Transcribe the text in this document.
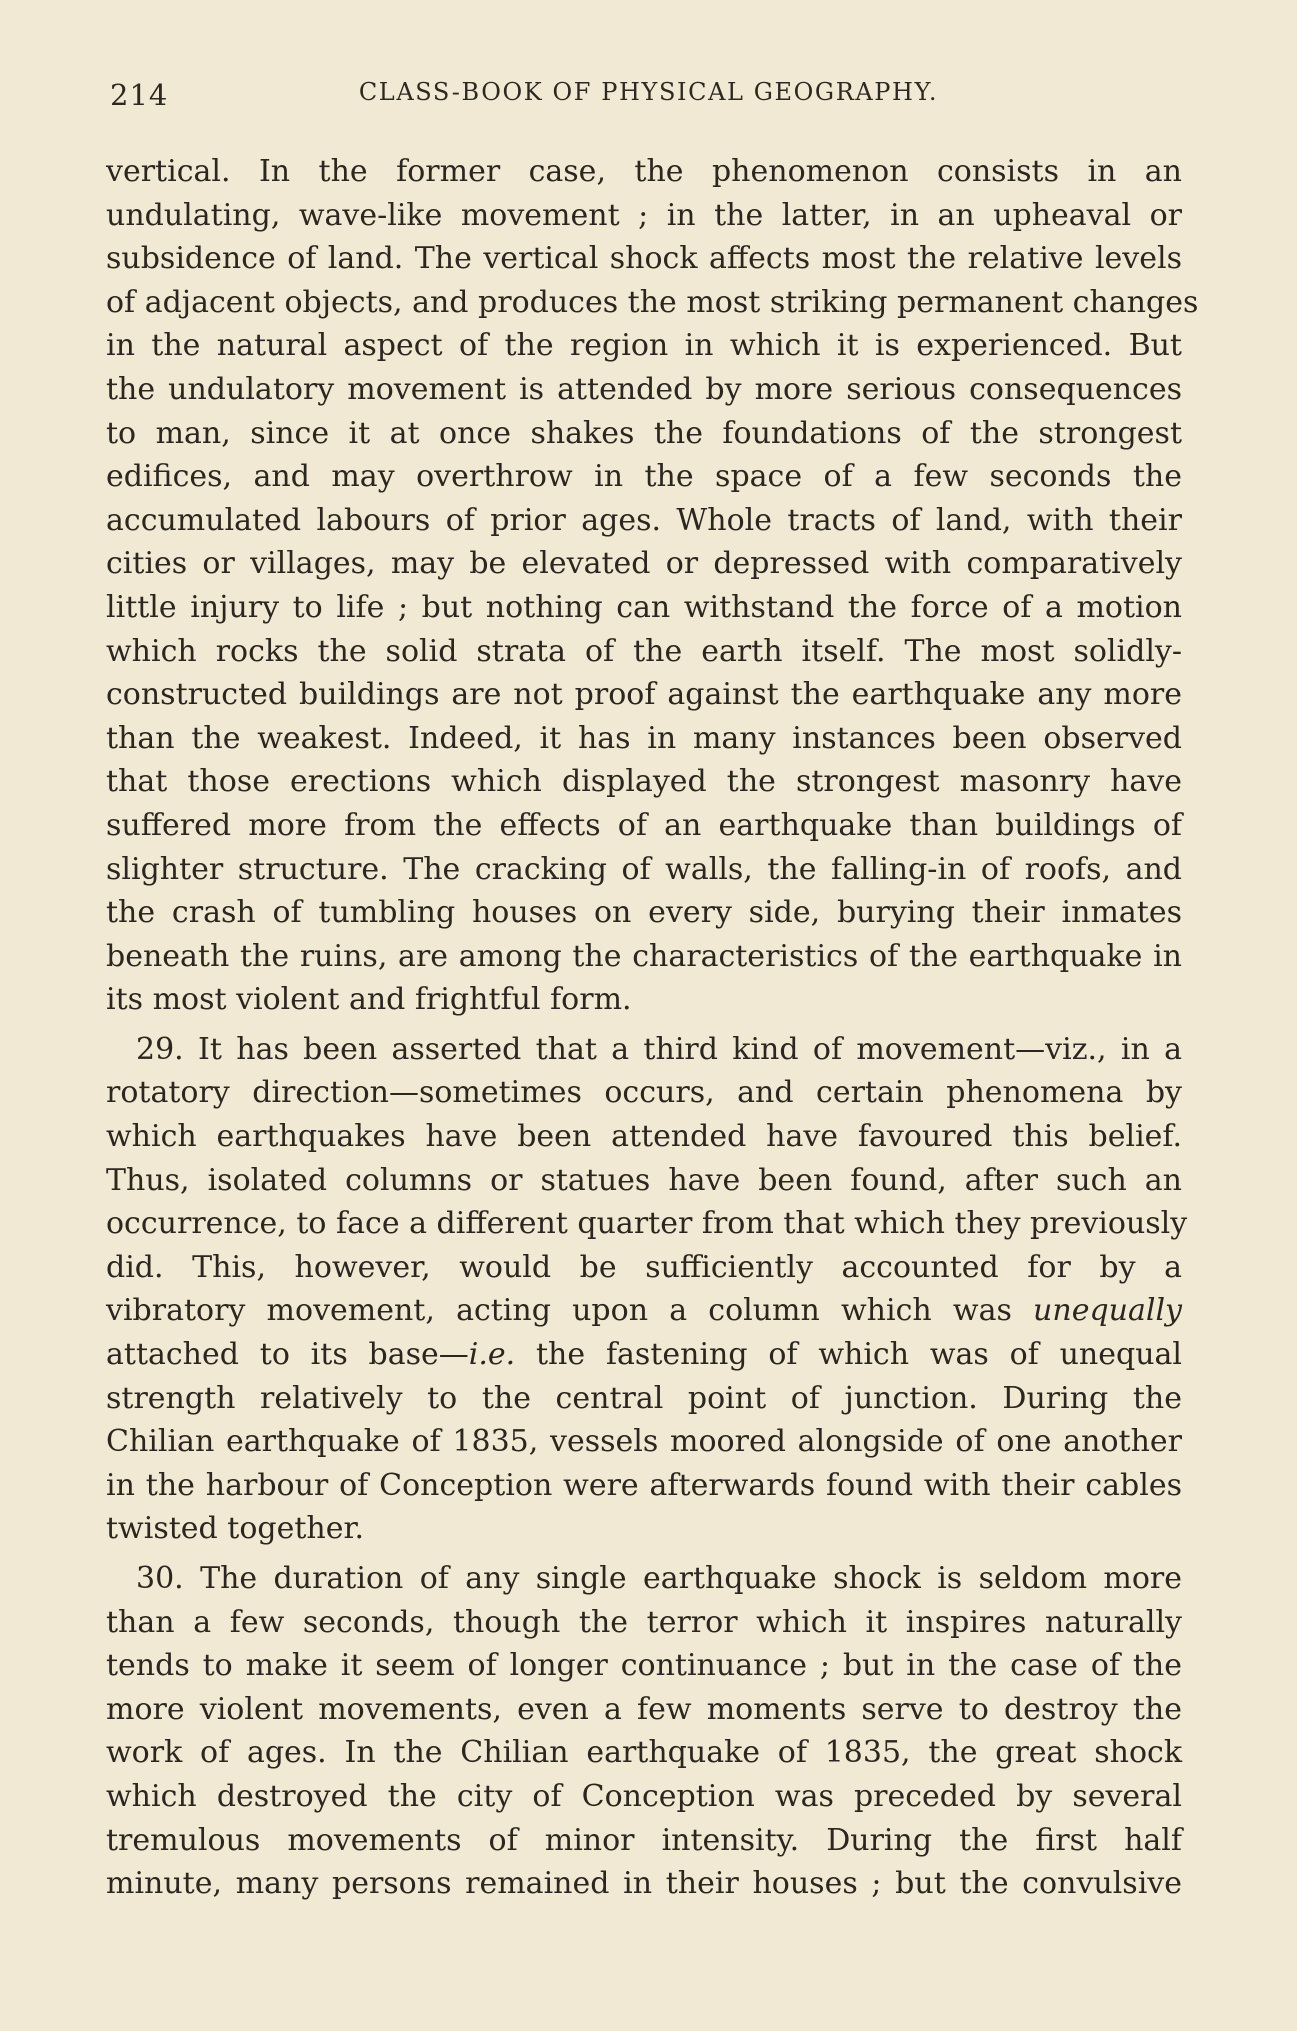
214	CLASS-BOOK OF PHYSICAL GEOGRAPHY.
vertical. In the former case, the phenomenon consists in an
undulating, wave-like movement ; in the latter, in an upheaval or
subsidence of land. The vertical shock affects most the relative levels
of adjacent objects, and produces the most striking permanent changes
in the natural aspect of the region in which it is experienced. But
the undulatory movement is attended by more serious consequences
to man, since it at once shakes the foundations of the strongest
edifices, and may overthrow in the space of a few seconds the
accumulated labours of prior ages. Whole tracts of land, with their
cities or villages, may be elevated or depressed with comparatively
little injury to life ; but nothing can withstand the force of a motion
which rocks the solid strata of the earth itself. The most solidly-
constructed buildings are not proof against the earthquake any more
than the weakest. Indeed, it has in many instances been observed
that those erections which displayed the strongest masonry have
suffered more from the effects of an earthquake than buildings of
slighter structure. The cracking of walls, the falling-in of roofs, and
the crash of tumbling houses on every side, burying their inmates
beneath the ruins, are among the characteristics of the earthquake in
its most violent and frightful form.
29. It has been asserted that a third kind of movement—viz., in a
rotatory direction—sometimes occurs, and certain phenomena by
which earthquakes have been attended have favoured this belief.
Thus, isolated columns or statues have been found, after such an
occurrence, to face a different quarter from that which they previously
did. This, however, would be sufficiently accounted for by a
vibratory movement, acting upon a column which was unequally
attached to its base—i.e. the fastening of which was of unequal
strength relatively to the central point of junction. During the
Chilian earthquake of 1835, vessels moored alongside of one another
in the harbour of Conception were afterwards found with their cables
twisted together.
30. The duration of any single earthquake shock is seldom more
than a few seconds, though the terror which it inspires naturally
tends to make it seem of longer continuance ; but in the case of the
more violent movements, even a few moments serve to destroy the
work of ages. In the Chilian earthquake of 1835, the great shock
which destroyed the city of Conception was preceded by several
tremulous movements of minor intensity. During the first half
minute, many persons remained in their houses ; but the convulsive
